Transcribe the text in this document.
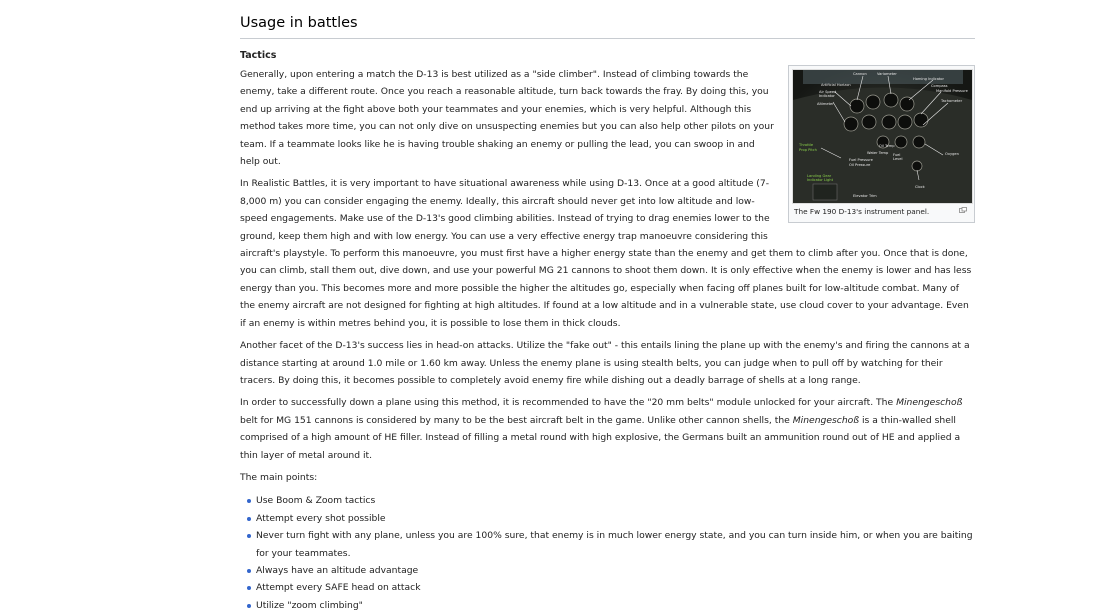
Usage in battles
Tactics
Cannon	Variometer
Artificial Horizon
Homing Indicator
Air Speed
Indicator
Altimeter
Compass
Manifold Pressure
Tachometer
Throttle
Prop Pitch
Oil Temp
Fuel Pressure
Oil Pressure
Water Temp Fuel
Level
Oxygen
Clock
Landing Gear
Indicator Light
Elevator Trim
The Fw 190 D-13's instrument panel.

Generally, upon entering a match the D-13 is best utilized as a "side climber". Instead of climbing towards the enemy, take a different route. Once you reach a reasonable altitude, turn back towards the fray. By doing this, you end up arriving at the fight above both your teammates and your enemies, which is very helpful. Although this method takes more time, you can not only dive on unsuspecting enemies but you can also help other pilots on your team. If a teammate looks like he is having trouble shaking an enemy or pulling the lead, you can swoop in and help out.

In Realistic Battles, it is very important to have situational awareness while using D-13. Once at a good altitude (7-8,000 m) you can consider engaging the enemy. Ideally, this aircraft should never get into low altitude and low-speed engagements. Make use of the D-13's good climbing abilities. Instead of trying to drag enemies lower to the ground, keep them high and with low energy. You can use a very effective energy trap manoeuvre considering this aircraft's playstyle. To perform this manoeuvre, you must first have a higher energy state than the enemy and get them to climb after you. Once that is done, you can climb, stall them out, dive down, and use your powerful MG 21 cannons to shoot them down. It is only effective when the enemy is lower and has less energy than you. This becomes more and more possible the higher the altitudes go, especially when facing off planes built for low-altitude combat. Many of the enemy aircraft are not designed for fighting at high altitudes. If found at a low altitude and in a vulnerable state, use cloud cover to your advantage. Even if an enemy is within metres behind you, it is possible to lose them in thick clouds.

Another facet of the D-13's success lies in head-on attacks. Utilize the "fake out" - this entails lining the plane up with the enemy's and firing the cannons at a distance starting at around 1.0 mile or 1.60 km away. Unless the enemy plane is using stealth belts, you can judge when to pull off by watching for their tracers. By doing this, it becomes possible to completely avoid enemy fire while dishing out a deadly barrage of shells at a long range.

In order to successfully down a plane using this method, it is recommended to have the "20 mm belts" module unlocked for your aircraft. The Minengeschoß belt for MG 151 cannons is considered by many to be the best aircraft belt in the game. Unlike other cannon shells, the Minengeschoß is a thin-walled shell comprised of a high amount of HE filler. Instead of filling a metal round with high explosive, the Germans built an ammunition round out of HE and applied a thin layer of metal around it.

The main points:

Use Boom & Zoom tactics
Attempt every shot possible
Never turn fight with any plane, unless you are 100% sure, that enemy is in much lower energy state, and you can turn inside him, or when you are baiting for your teammates.
Always have an altitude advantage
Attempt every SAFE head on attack
Utilize "zoom climbing"
